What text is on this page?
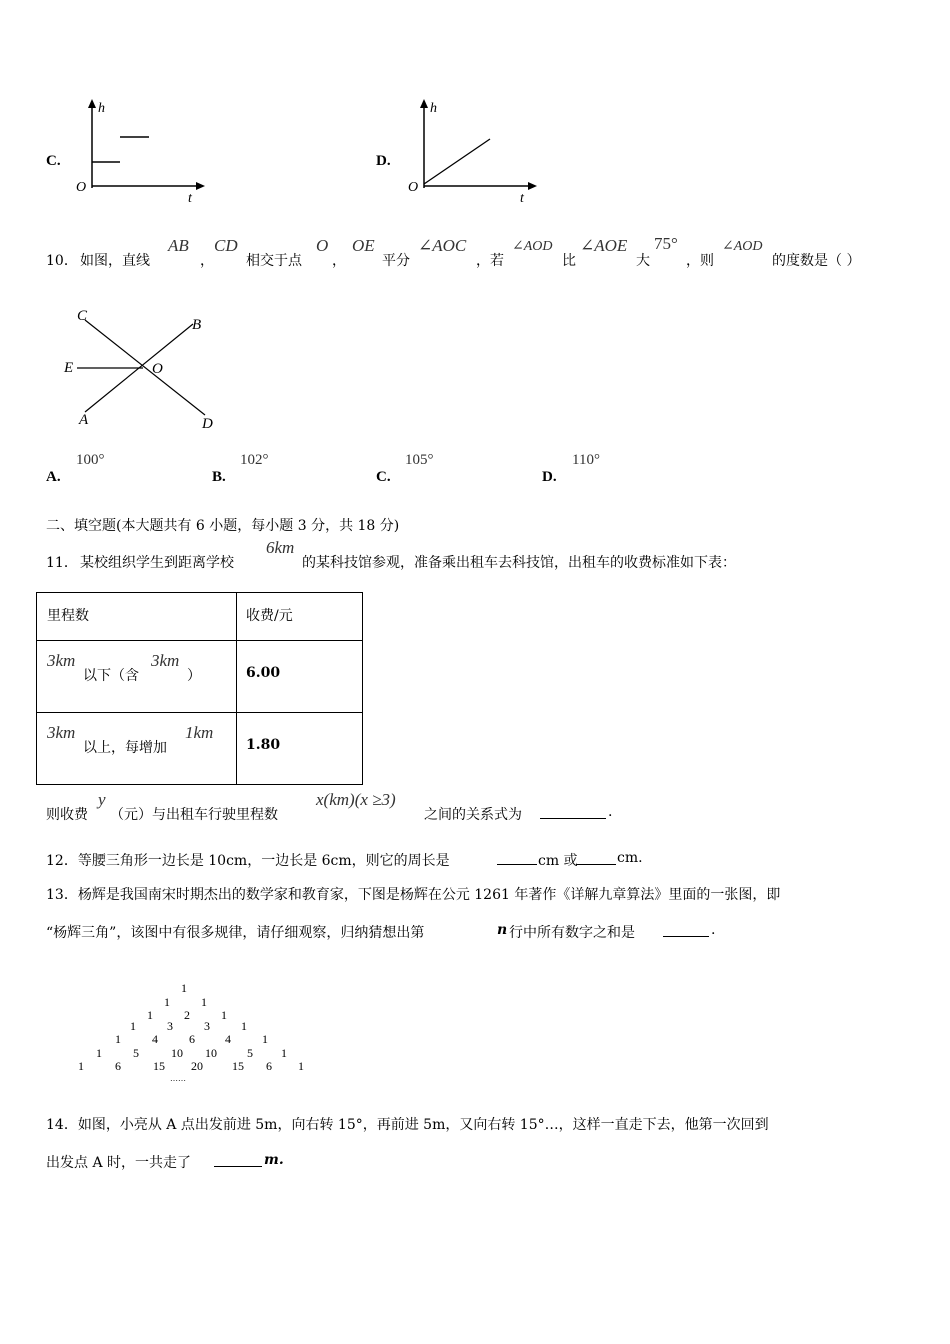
C.
h
t
O
D.
h
t
O
10． 如图，直线
AB
，
CD
相交于点
O
，
OE
平分
∠AOC
，若
∠AOD
比
∠AOE
大
75°
，则
∠AOD
的度数是（ ）
C
B
E	O
A	D
A.
100°
B.
102°
C.
105°
D.
110°
二、填空题(本大题共有 6 小题，每小题 3 分，共 18 分)
11． 某校组织学生到距离学校
6km
的某科技馆参观，准备乘出租车去科技馆，出租车的收费标准如下表：
里程数	收费/元

3km
以下（含
3km
）	6.00

3km
以上，每增加
1km	1.80
则收费
y
（元）与出租车行驶里程数
x(km)(x ≥3)
之间的关系式为	.
12．等腰三角形一边长是 10cm，一边长是 6cm，则它的周长是	cm 或	cm.
13．杨辉是我国南宋时期杰出的数学家和教育家，下图是杨辉在公元 1261 年著作《详解九章算法》里面的一张图，即
“杨辉三角”，该图中有很多规律，请仔细观察，归纳猜想出第	n 行中所有数字之和是	.
1
1	1
1	2	1
1	3	3	1
1	4	6	4	1
1	5	10 10	5 1
1	6	15 20 15 6 1
……
14．如图，小亮从 A 点出发前进 5m，向右转 15°，再前进 5m，又向右转 15°…，这样一直走下去，他第一次回到
出发点 A 时，一共走了	m.
